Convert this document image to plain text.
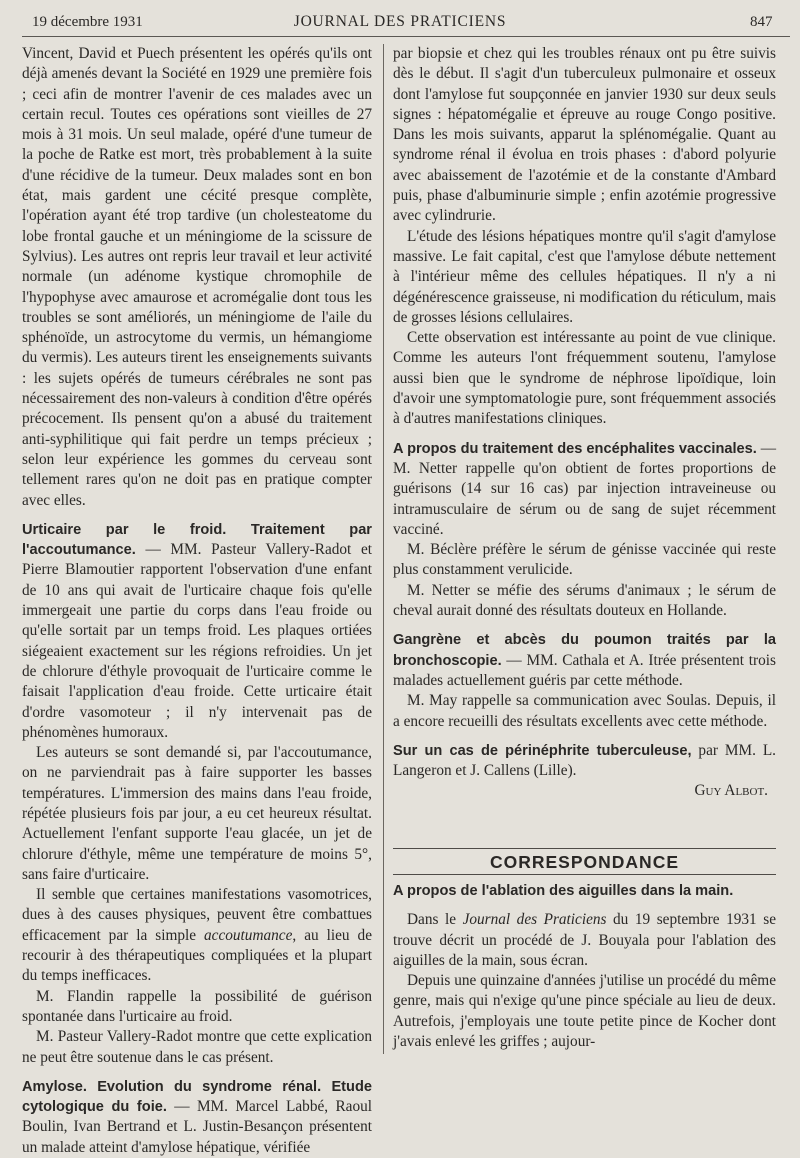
19 décembre 1931	JOURNAL DES PRATICIENS	847

Vincent, David et Puech présentent les opérés qu'ils ont déjà amenés devant la Société en 1929 une première fois ; ceci afin de montrer l'avenir de ces malades avec un certain recul. Toutes ces opérations sont vieilles de 27 mois à 31 mois. Un seul malade, opéré d'une tumeur de la poche de Ratke est mort, très probablement à la suite d'une récidive de la tumeur. Deux malades sont en bon état, mais gardent une cécité presque complète, l'opération ayant été trop tardive (un cholesteatome du lobe frontal gauche et un méningiome de la scissure de Sylvius). Les autres ont repris leur travail et leur activité normale (un adénome kystique chromophile de l'hypophyse avec amaurose et acromégalie dont tous les troubles se sont améliorés, un méningiome de l'aile du sphénoïde, un astrocytome du vermis, un hémangiome du vermis). Les auteurs tirent les enseignements suivants : les sujets opérés de tumeurs cérébrales ne sont pas nécessairement des non-valeurs à condition d'être opérés précocement. Ils pensent qu'on a abusé du traitement anti-syphilitique qui fait perdre un temps précieux ; selon leur expérience les gommes du cerveau sont tellement rares qu'on ne doit pas en pratique compter avec elles.

Urticaire par le froid. Traitement par l'accoutumance. — MM. Pasteur Vallery-Radot et Pierre Blamoutier rapportent l'observation d'une enfant de 10 ans qui avait de l'urticaire chaque fois qu'elle immergeait une partie du corps dans l'eau froide ou qu'elle sortait par un temps froid. Les plaques ortiées siégeaient exactement sur les régions refroidies. Un jet de chlorure d'éthyle provoquait de l'urticaire comme le faisait l'application d'eau froide. Cette urticaire était d'ordre vasomoteur ; il n'y intervenait pas de phénomènes humoraux.

Les auteurs se sont demandé si, par l'accoutumance, on ne parviendrait pas à faire supporter les basses températures. L'immersion des mains dans l'eau froide, répétée plusieurs fois par jour, a eu cet heureux résultat. Actuellement l'enfant supporte l'eau glacée, un jet de chlorure d'éthyle, même une température de moins 5°, sans faire d'urticaire.

Il semble que certaines manifestations vasomotrices, dues à des causes physiques, peuvent être combattues efficacement par la simple accoutumance, au lieu de recourir à des thérapeutiques compliquées et la plupart du temps inefficaces.

M. Flandin rappelle la possibilité de guérison spontanée dans l'urticaire au froid.

M. Pasteur Vallery-Radot montre que cette explication ne peut être soutenue dans le cas présent.

Amylose. Evolution du syndrome rénal. Etude cytologique du foie. — MM. Marcel Labbé, Raoul Boulin, Ivan Bertrand et L. Justin-Besançon présentent un malade atteint d'amylose hépatique, vérifiée

par biopsie et chez qui les troubles rénaux ont pu être suivis dès le début. Il s'agit d'un tuberculeux pulmonaire et osseux dont l'amylose fut soupçonnée en janvier 1930 sur deux seuls signes : hépatomégalie et épreuve au rouge Congo positive. Dans les mois suivants, apparut la splénomégalie. Quant au syndrome rénal il évolua en trois phases : d'abord polyurie avec abaissement de l'azotémie et de la constante d'Ambard puis, phase d'albuminurie simple ; enfin azotémie progressive avec cylindrurie.

L'étude des lésions hépatiques montre qu'il s'agit d'amylose massive. Le fait capital, c'est que l'amylose débute nettement à l'intérieur même des cellules hépatiques. Il n'y a ni dégénérescence graisseuse, ni modification du réticulum, mais de grosses lésions cellulaires.

Cette observation est intéressante au point de vue clinique. Comme les auteurs l'ont fréquemment soutenu, l'amylose aussi bien que le syndrome de néphrose lipoïdique, loin d'avoir une symptomatologie pure, sont fréquemment associés à d'autres manifestations cliniques.

A propos du traitement des encéphalites vaccinales. — M. Netter rappelle qu'on obtient de fortes proportions de guérisons (14 sur 16 cas) par injection intraveineuse ou intramusculaire de sérum ou de sang de sujet récemment vacciné.

M. Béclère préfère le sérum de génisse vaccinée qui reste plus constamment verulicide.

M. Netter se méfie des sérums d'animaux ; le sérum de cheval aurait donné des résultats douteux en Hollande.

Gangrène et abcès du poumon traités par la bronchoscopie. — MM. Cathala et A. Itrée présentent trois malades actuellement guéris par cette méthode.

M. May rappelle sa communication avec Soulas. Depuis, il a encore recueilli des résultats excellents avec cette méthode.

Sur un cas de périnéphrite tuberculeuse, par MM. L. Langeron et J. Callens (Lille).

Guy Albot.

CORRESPONDANCE

A propos de l'ablation des aiguilles dans la main.

Dans le Journal des Praticiens du 19 septembre 1931 se trouve décrit un procédé de J. Bouyala pour l'ablation des aiguilles de la main, sous écran.

Depuis une quinzaine d'années j'utilise un procédé du même genre, mais qui n'exige qu'une pince spéciale au lieu de deux. Autrefois, j'employais une toute petite pince de Kocher dont j'avais enlevé les griffes ; aujour-
